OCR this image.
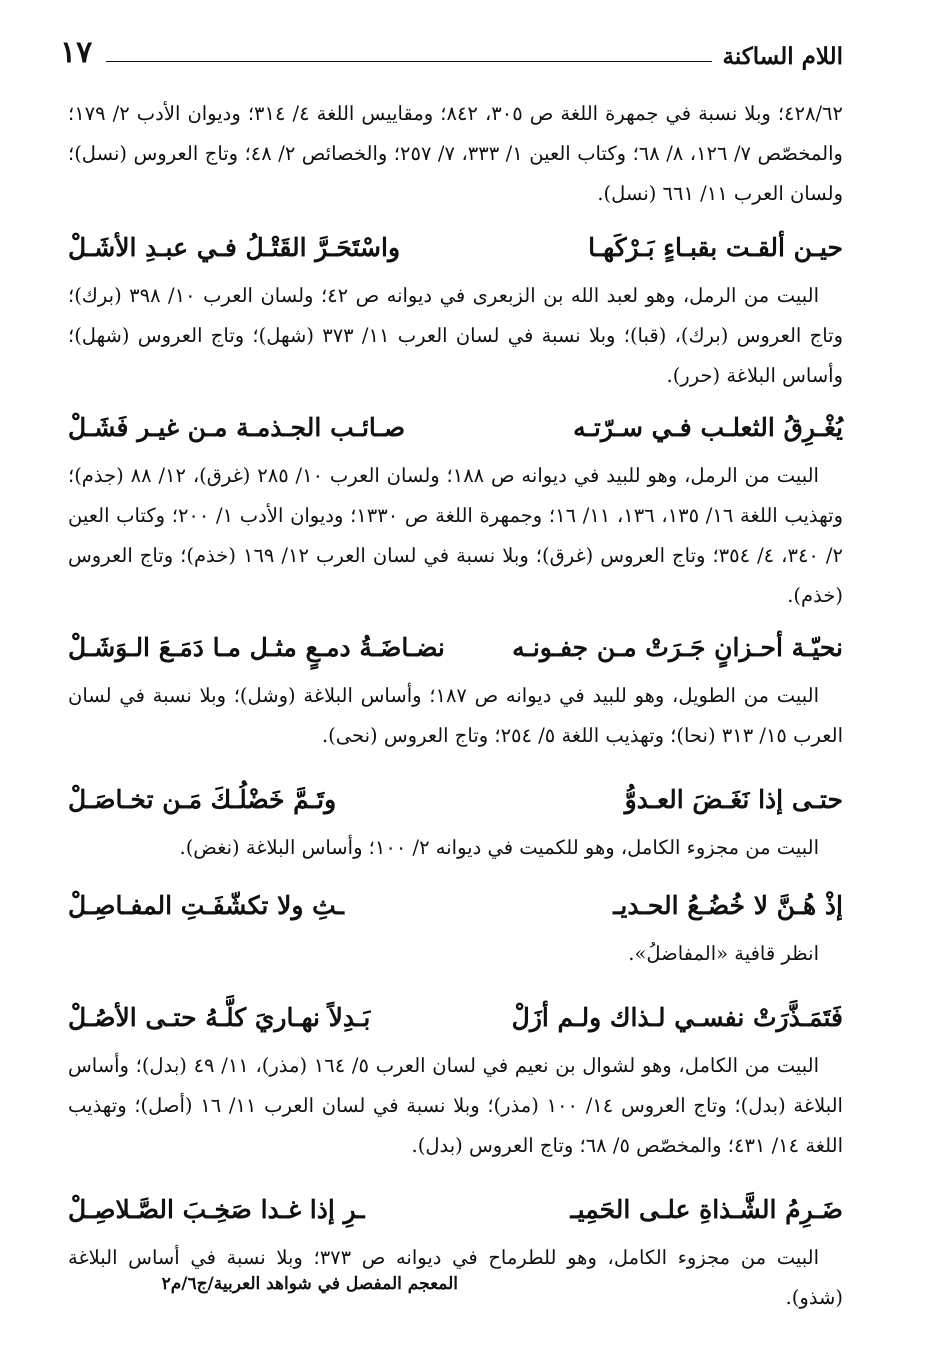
اللام الساكنة
١٧

٤٢٨/٦٢؛ وبلا نسبة في جمهرة اللغة ص ٣٠٥، ٨٤٢؛ ومقاييس اللغة ٤/ ٣١٤؛ وديوان الأدب ٢/ ١٧٩؛ والمخصّص ٧/ ١٢٦، ٨/ ٦٨؛ وكتاب العين ١/ ٣٣٣، ٧/ ٢٥٧؛ والخصائص ٢/ ٤٨؛ وتاج العروس (نسل)؛ ولسان العرب ١١/ ٦٦١ (نسل).

حيـن ألقـت بقبـاءٍ بَـرْكَهـا
واسْتَحَـرَّ القَتْـلُ فـي عبـدِ الأشَـلْ

البيت من الرمل، وهو لعبد الله بن الزبعرى في ديوانه ص ٤٢؛ ولسان العرب ١٠/ ٣٩٨ (برك)؛ وتاج العروس (برك)، (قبا)؛ وبلا نسبة في لسان العرب ١١/ ٣٧٣ (شهل)؛ وتاج العروس (شهل)؛ وأساس البلاغة (حرر).

يُغْـرِقُ الثعلـب فـي سـرّتـه
صـائـب الجـذمـة مـن غيـر فَشَـلْ

البيت من الرمل، وهو للبيد في ديوانه ص ١٨٨؛ ولسان العرب ١٠/ ٢٨٥ (غرق)، ١٢/ ٨٨ (جذم)؛ وتهذيب اللغة ١٦/ ١٣٥، ١٣٦، ١١/ ١٦؛ وجمهرة اللغة ص ١٣٣٠؛ وديوان الأدب ١/ ٢٠٠؛ وكتاب العين ٢/ ٣٤٠، ٤/ ٣٥٤؛ وتاج العروس (غرق)؛ وبلا نسبة في لسان العرب ١٢/ ١٦٩ (خذم)؛ وتاج العروس (خذم).

نحيّـة أحـزانٍ جَـرَتْ مـن جفـونـه
نضـاضَـةُ دمـعٍ مثـل مـا دَمَـعَ الـوَشَـلْ

البيت من الطويل، وهو للبيد في ديوانه ص ١٨٧؛ وأساس البلاغة (وشل)؛ وبلا نسبة في لسان العرب ١٥/ ٣١٣ (نحا)؛ وتهذيب اللغة ٥/ ٢٥٤؛ وتاج العروس (نحى).

حتـى إذا نَغَـضَ العـدوُّ
وتَـمَّ خَضْلُـكَ مَـن تخـاصَـلْ

البيت من مجزوء الكامل، وهو للكميت في ديوانه ٢/ ١٠٠؛ وأساس البلاغة (نغض).

إذْ هُـنَّ لا خُضُـعُ الحـديـ
ـثِ ولا تكشّفَـتِ المفـاصِـلْ

انظر قافية «المفاضلُ».

فَتَمَـذَّرَتْ نفسـي لـذاك ولـم أزَلْ
بَـدِلاً نهـاريَ كلَّـهُ حتـى الأصُـلْ

البيت من الكامل، وهو لشوال بن نعيم في لسان العرب ٥/ ١٦٤ (مذر)، ١١/ ٤٩ (بدل)؛ وأساس البلاغة (بدل)؛ وتاج العروس ١٤/ ١٠٠ (مذر)؛ وبلا نسبة في لسان العرب ١١/ ١٦ (أصل)؛ وتهذيب اللغة ١٤/ ٤٣١؛ والمخصّص ٥/ ٦٨؛ وتاج العروس (بدل).

ضَـرِمُ الشَّـذاةِ علـى الحَمِيـ
ـرِ إذا غـدا صَخِـبَ الصَّـلاصِـلْ

البيت من مجزوء الكامل، وهو للطرماح في ديوانه ص ٣٧٣؛ وبلا نسبة في أساس البلاغة (شذو).

المعجم المفصل في شواهد العربية/ج٦/م٢
